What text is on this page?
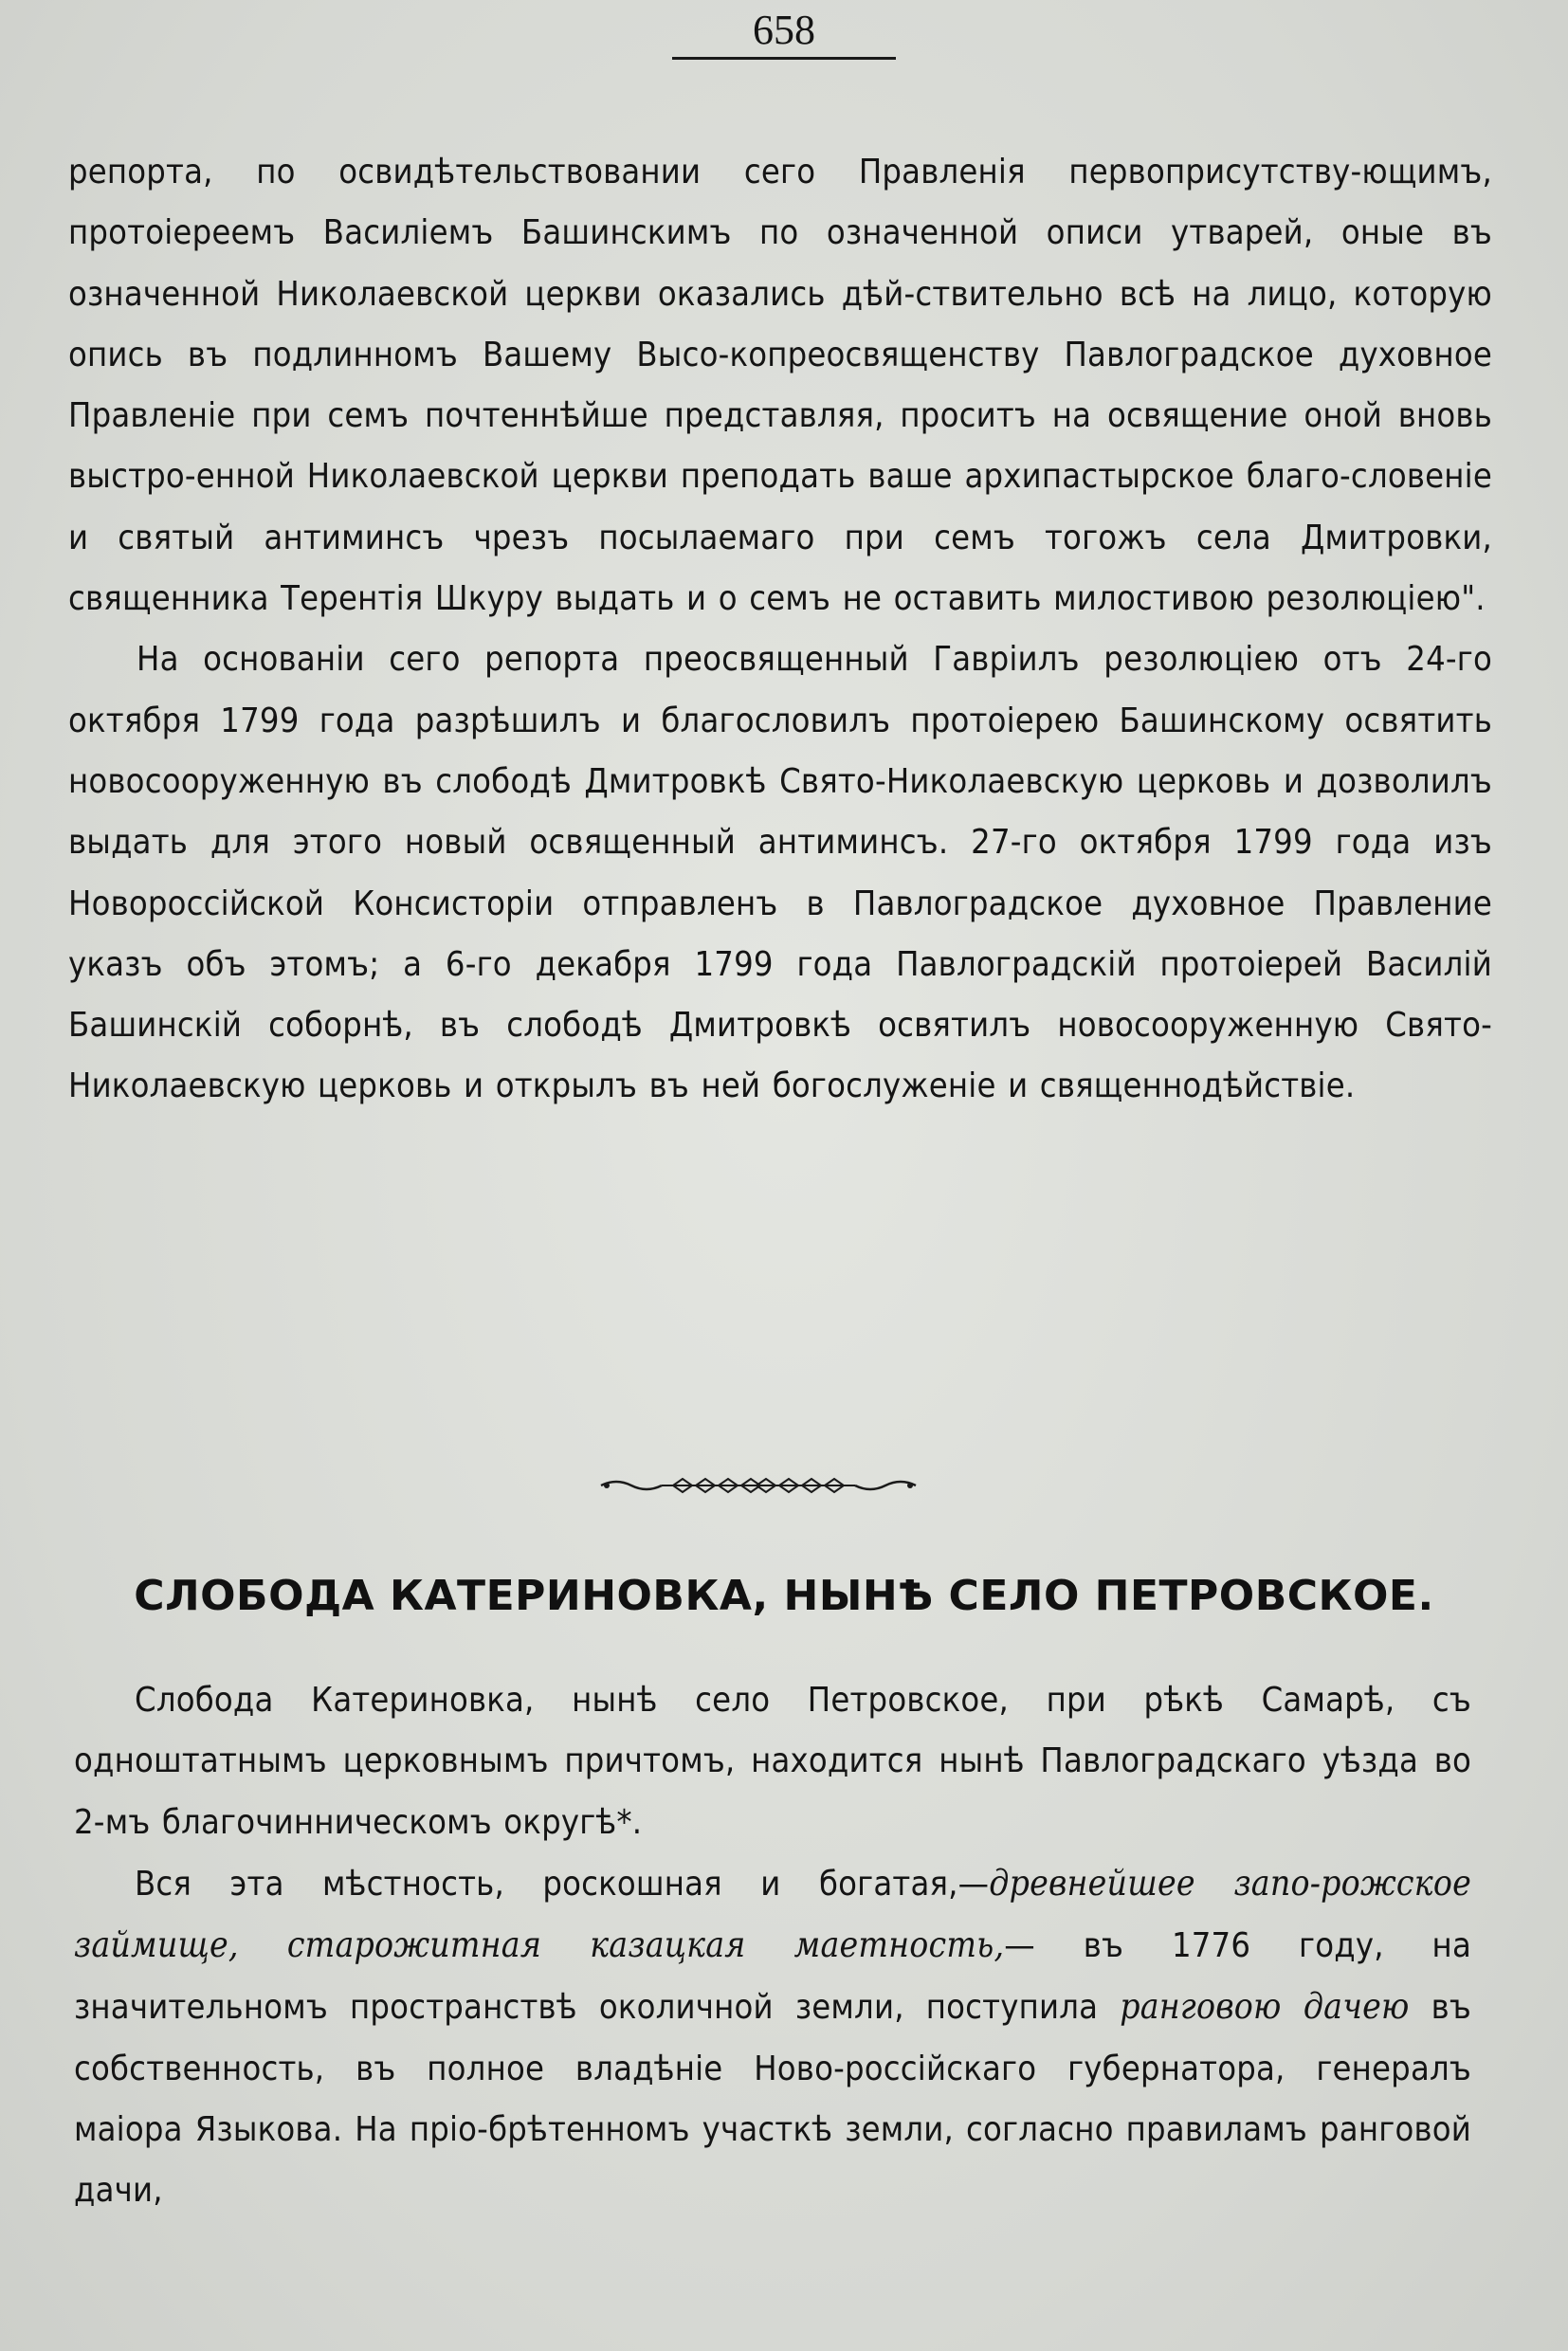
658

репорта, по освидѣтельствовании сего Правленія первоприсутству-ющимъ, протоіереемъ Василіемъ Башинскимъ по означенной описи утварей, оные въ означенной Николаевской церкви оказались дѣй-ствительно всѣ на лицо, которую опись въ подлинномъ Вашему Высо-копреосвященству Павлоградское духовное Правленіе при семъ почтеннѣйше представляя, проситъ на освящение оной вновь выстро-енной Николаевской церкви преподать ваше архипастырское благо-словеніе и святый антиминсъ чрезъ посылаемаго при семъ тогожъ села Дмитровки, священника Терентія Шкуру выдать и о семъ не оставить милостивою резолюціею".

На основаніи сего репорта преосвященный Гавріилъ резолюціею отъ 24-го октября 1799 года разрѣшилъ и благословилъ протоіерею Башинскому освятить новосооруженную въ слободѣ Дмитровкѣ Свято-Николаевскую церковь и дозволилъ выдать для этого новый освященный антиминсъ. 27-го октября 1799 года изъ Новороссійской Консисторіи отправленъ в Павлоградское духовное Правление указъ объ этомъ; а 6-го декабря 1799 года Павлоградскій протоіерей Василій Башинскій соборнѣ, въ слободѣ Дмитровкѣ освятилъ новосооруженную Свято-Николаевскую церковь и открылъ въ ней богослуженіе и священнодѣйствіе.

СЛОБОДА КАТЕРИНОВКА, НЫНѢ СЕЛО ПЕТРОВСКОЕ.

Слобода Катериновка, нынѣ село Петровское, при рѣкѣ Самарѣ, съ одноштатнымъ церковнымъ причтомъ, находится нынѣ Павлоградскаго уѣзда во 2-мъ благочинническомъ округѣ*.

Вся эта мѣстность, роскошная и богатая,—древнейшее запо-рожское займище, старожитная казацкая маетность,— въ 1776 году, на значительномъ пространствѣ околичной земли, поступила ранговою дачею въ собственность, въ полное владѣніе Ново-россійскаго губернатора, генералъ маіора Языкова. На пріо-брѣтенномъ участкѣ земли, согласно правиламъ ранговой дачи,
